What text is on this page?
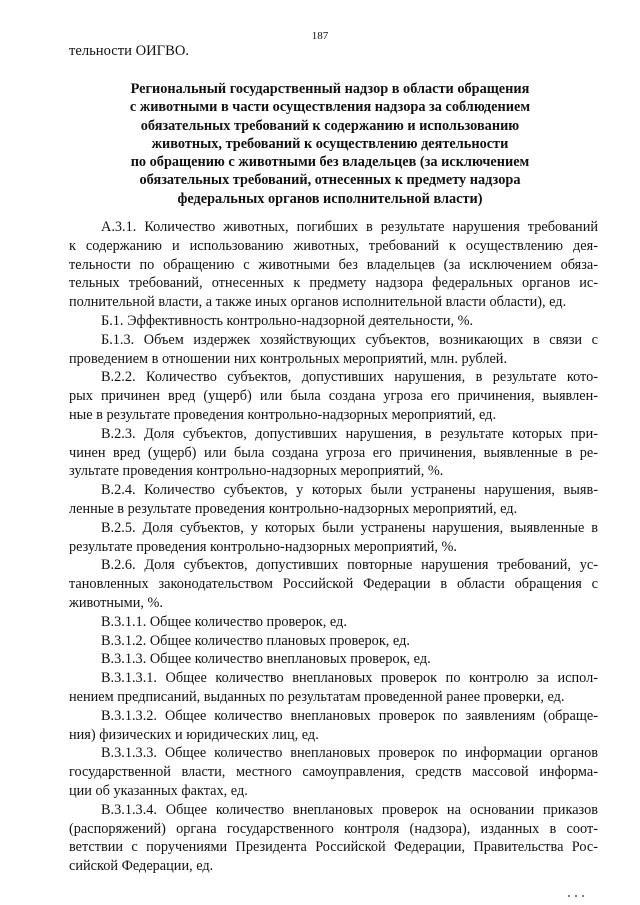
187
тельности ОИГВО.
Региональный государственный надзор в области обращения
с животными в части осуществления надзора за соблюдением
обязательных требований к содержанию и использованию
животных, требований к осуществлению деятельности
по обращению с животными без владельцев (за исключением
обязательных требований, отнесенных к предмету надзора
федеральных органов исполнительной власти)
А.3.1. Количество животных, погибших в результате нарушения требований
к содержанию и использованию животных, требований к осуществлению дея-
тельности по обращению с животными без владельцев (за исключением обяза-
тельных требований, отнесенных к предмету надзора федеральных органов ис-
полнительной власти, а также иных органов исполнительной власти области), ед.
Б.1. Эффективность контрольно-надзорной деятельности, %.
Б.1.3. Объем издержек хозяйствующих субъектов, возникающих в связи с
проведением в отношении них контрольных мероприятий, млн. рублей.
В.2.2. Количество субъектов, допустивших нарушения, в результате кото-
рых причинен вред (ущерб) или была создана угроза его причинения, выявлен-
ные в результате проведения контрольно-надзорных мероприятий, ед.
В.2.3. Доля субъектов, допустивших нарушения, в результате которых при-
чинен вред (ущерб) или была создана угроза его причинения, выявленные в ре-
зультате проведения контрольно-надзорных мероприятий, %.
В.2.4. Количество субъектов, у которых были устранены нарушения, выяв-
ленные в результате проведения контрольно-надзорных мероприятий, ед.
В.2.5. Доля субъектов, у которых были устранены нарушения, выявленные в
результате проведения контрольно-надзорных мероприятий, %.
В.2.6. Доля субъектов, допустивших повторные нарушения требований, ус-
тановленных законодательством Российской Федерации в области обращения с
животными, %.
В.3.1.1. Общее количество проверок, ед.
В.3.1.2. Общее количество плановых проверок, ед.
В.3.1.3. Общее количество внеплановых проверок, ед.
В.3.1.3.1. Общее количество внеплановых проверок по контролю за испол-
нением предписаний, выданных по результатам проведенной ранее проверки, ед.
В.3.1.3.2. Общее количество внеплановых проверок по заявлениям (обраще-
ния) физических и юридических лиц, ед.
В.3.1.3.3. Общее количество внеплановых проверок по информации органов
государственной власти, местного самоуправления, средств массовой информа-
ции об указанных фактах, ед.
В.3.1.3.4. Общее количество внеплановых проверок на основании приказов
(распоряжений) органа государственного контроля (надзора), изданных в соот-
ветствии с поручениями Президента Российской Федерации, Правительства Рос-
сийской Федерации, ед.
